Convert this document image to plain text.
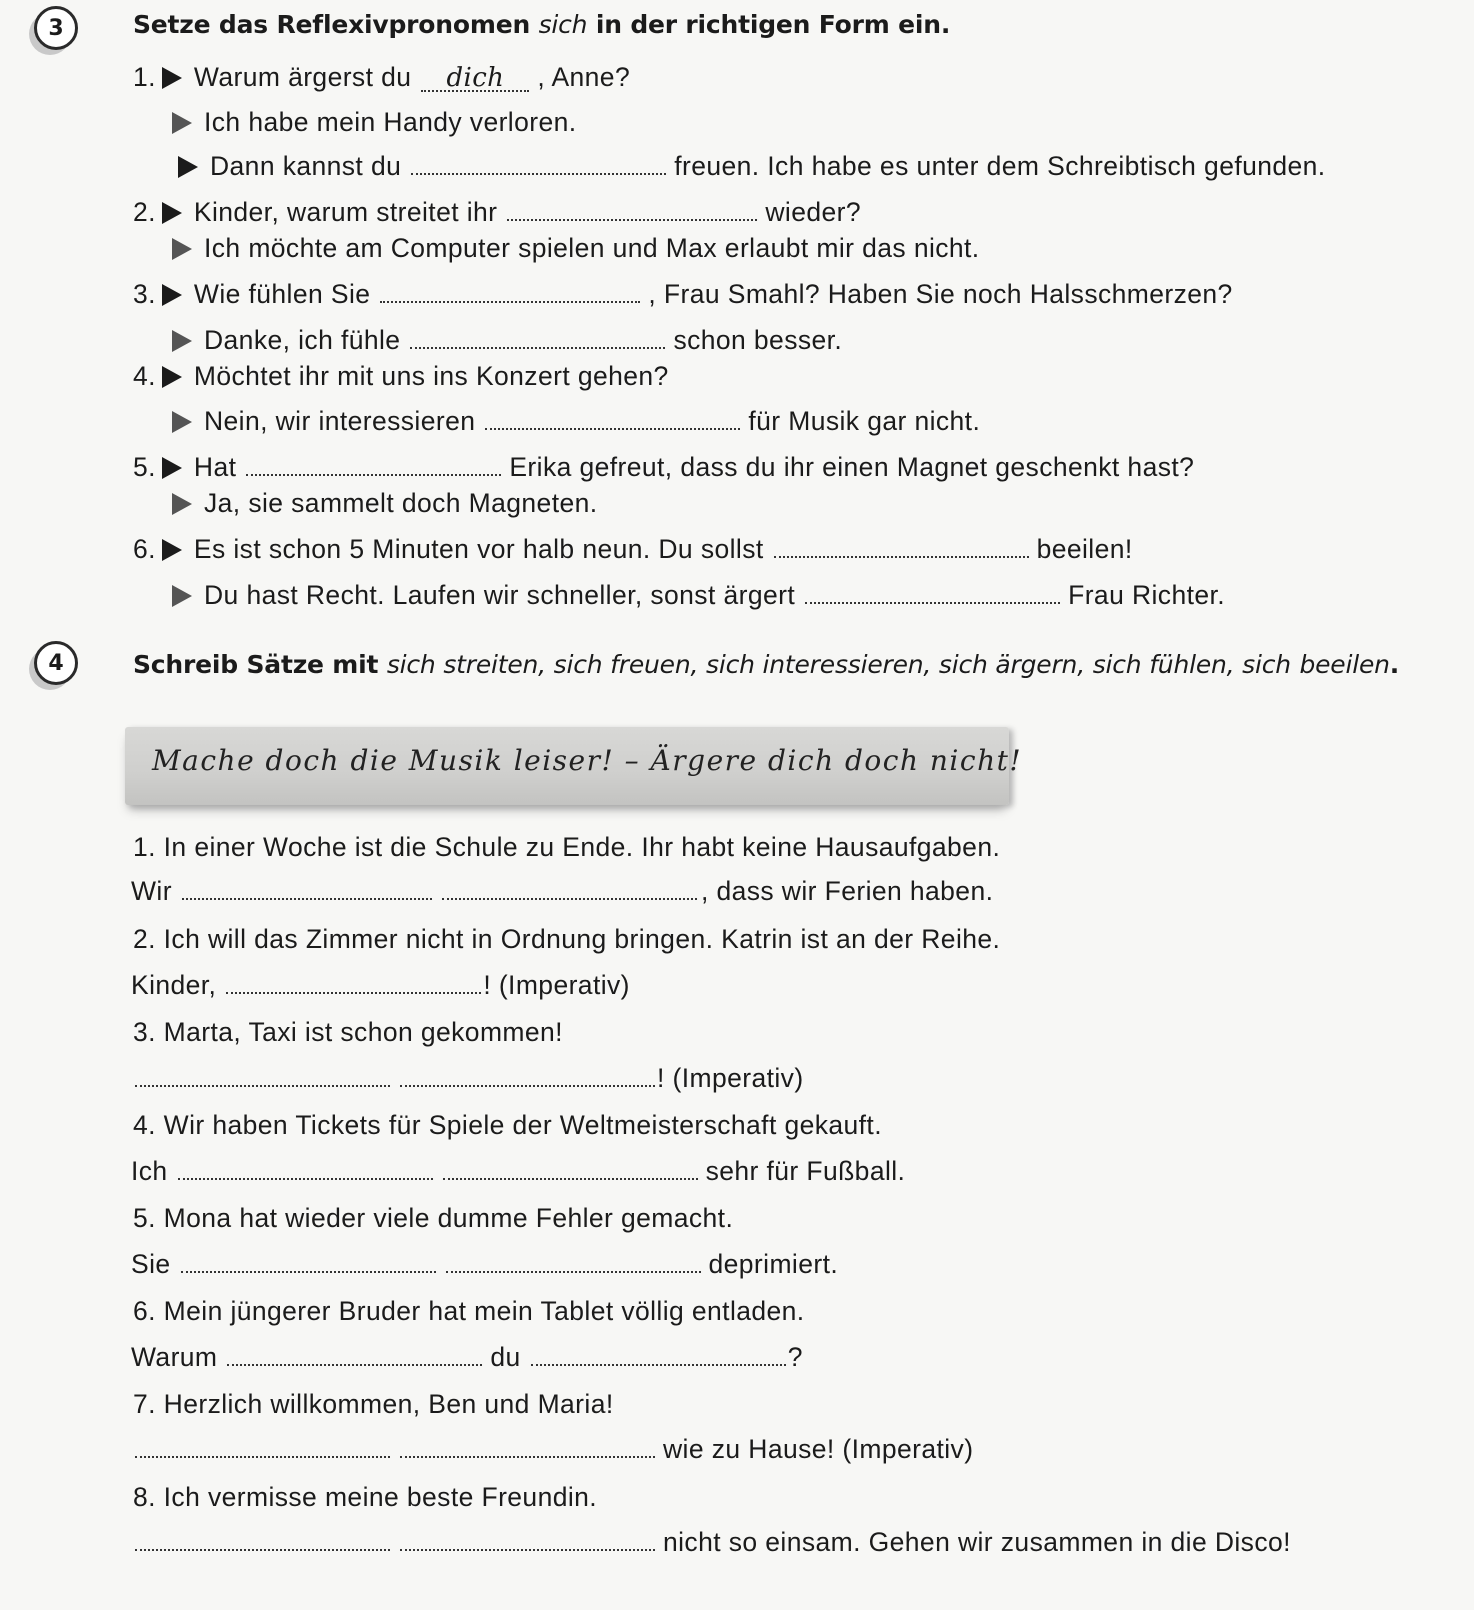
3	Setze das Reflexivpronomen sich in der richtigen Form ein.
1. Warum ärgerst du dich , Anne?
Ich habe mein Handy verloren.
Dann kannst du	freuen. Ich habe es unter dem Schreibtisch gefunden.
2. Kinder, warum streitet ihr	wieder?
Ich möchte am Computer spielen und Max erlaubt mir das nicht.
3. Wie fühlen Sie	, Frau Smahl? Haben Sie noch Halsschmerzen?
Danke, ich fühle	schon besser.
4. Möchtet ihr mit uns ins Konzert gehen?
Nein, wir interessieren	für Musik gar nicht.
5. Hat	Erika gefreut, dass du ihr einen Magnet geschenkt hast?
Ja, sie sammelt doch Magneten.
6. Es ist schon 5 Minuten vor halb neun. Du sollst	beeilen!
Du hast Recht. Laufen wir schneller, sonst ärgert	Frau Richter.
4	Schreib Sätze mit sich streiten, sich freuen, sich interessieren, sich ärgern, sich fühlen, sich beeilen.
Mache doch die Musik leiser! – Ärgere dich doch nicht!
1. In einer Woche ist die Schule zu Ende. Ihr habt keine Hausaufgaben.
Wir	, dass wir Ferien haben.
2. Ich will das Zimmer nicht in Ordnung bringen. Katrin ist an der Reihe.
Kinder,	! (Imperativ)
3. Marta, Taxi ist schon gekommen!
! (Imperativ)
4. Wir haben Tickets für Spiele der Weltmeisterschaft gekauft.
Ich	sehr für Fußball.
5. Mona hat wieder viele dumme Fehler gemacht.
Sie	deprimiert.
6. Mein jüngerer Bruder hat mein Tablet völlig entladen.
Warum	du	?
7. Herzlich willkommen, Ben und Maria!
wie zu Hause! (Imperativ)
8. Ich vermisse meine beste Freundin.
nicht so einsam. Gehen wir zusammen in die Disco!
